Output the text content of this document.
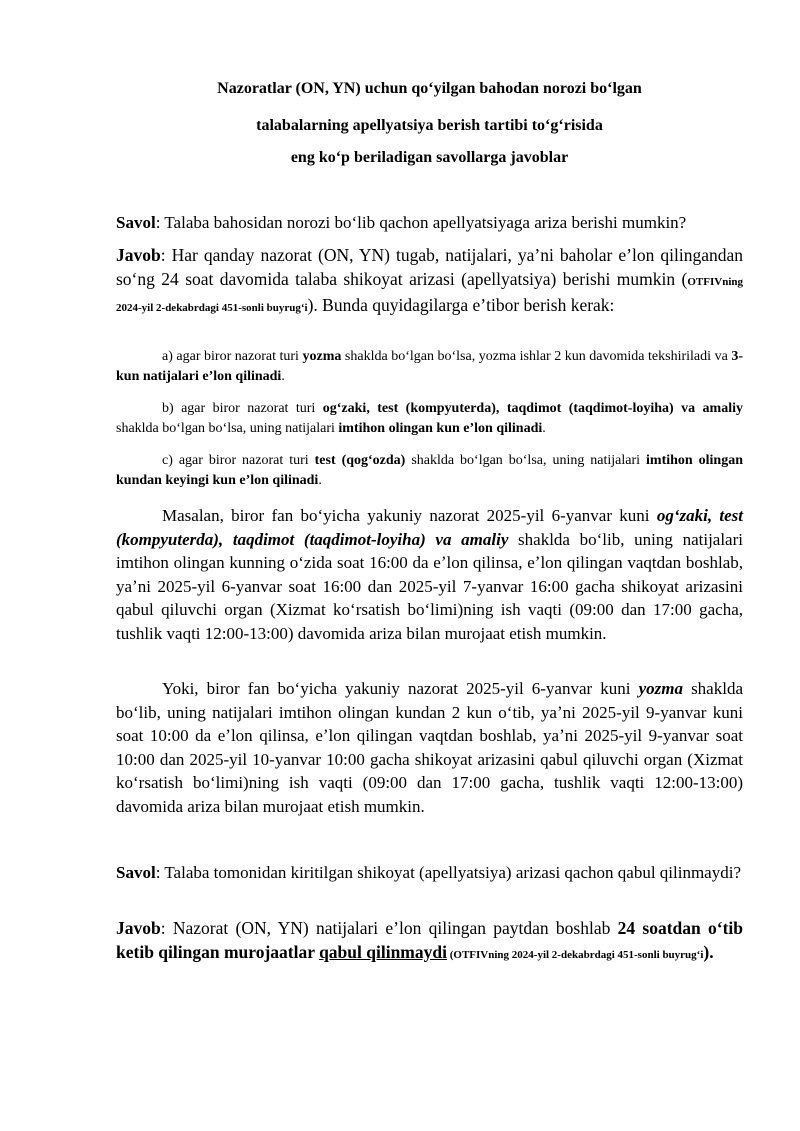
Nazoratlar (ON, YN) uchun qoʻyilgan bahodan norozi boʻlgan
talabalarning apellyatsiya berish tartibi toʻgʻrisida
eng koʻp beriladigan savollarga javoblar
Savol: Talaba bahosidan norozi boʻlib qachon apellyatsiyaga ariza berishi mumkin?
Javob: Har qanday nazorat (ON, YN) tugab, natijalari, yaʼni baholar eʼlon qilingandan soʻng 24 soat davomida talaba shikoyat arizasi (apellyatsiya) berishi mumkin (OTFIVning 2024-yil 2-dekabrdagi 451-sonli buyrugʻi). Bunda quyidagilarga eʼtibor berish kerak:
a) agar biror nazorat turi yozma shaklda boʻlgan boʻlsa, yozma ishlar 2 kun davomida tekshiriladi va 3-kun natijalari eʼlon qilinadi.
b) agar biror nazorat turi ogʻzaki, test (kompyuterda), taqdimot (taqdimot-loyiha) va amaliy shaklda boʻlgan boʻlsa, uning natijalari imtihon olingan kun eʼlon qilinadi.
c) agar biror nazorat turi test (qogʻozda) shaklda boʻlgan boʻlsa, uning natijalari imtihon olingan kundan keyingi kun eʼlon qilinadi.
Masalan, biror fan boʻyicha yakuniy nazorat 2025-yil 6-yanvar kuni ogʻzaki, test (kompyuterda), taqdimot (taqdimot-loyiha) va amaliy shaklda boʻlib, uning natijalari imtihon olingan kunning oʻzida soat 16:00 da eʼlon qilinsa, eʼlon qilingan vaqtdan boshlab, yaʼni 2025-yil 6-yanvar soat 16:00 dan 2025-yil 7-yanvar 16:00 gacha shikoyat arizasini qabul qiluvchi organ (Xizmat koʻrsatish boʻlimi)ning ish vaqti (09:00 dan 17:00 gacha, tushlik vaqti 12:00-13:00) davomida ariza bilan murojaat etish mumkin.
Yoki, biror fan boʻyicha yakuniy nazorat 2025-yil 6-yanvar kuni yozma shaklda boʻlib, uning natijalari imtihon olingan kundan 2 kun oʻtib, yaʼni 2025-yil 9-yanvar kuni soat 10:00 da eʼlon qilinsa, eʼlon qilingan vaqtdan boshlab, yaʼni 2025-yil 9-yanvar soat 10:00 dan 2025-yil 10-yanvar 10:00 gacha shikoyat arizasini qabul qiluvchi organ (Xizmat koʻrsatish boʻlimi)ning ish vaqti (09:00 dan 17:00 gacha, tushlik vaqti 12:00-13:00) davomida ariza bilan murojaat etish mumkin.
Savol: Talaba tomonidan kiritilgan shikoyat (apellyatsiya) arizasi qachon qabul qilinmaydi?
Javob: Nazorat (ON, YN) natijalari eʼlon qilingan paytdan boshlab 24 soatdan oʻtib ketib qilingan murojaatlar qabul qilinmaydi (OTFIVning 2024-yil 2-dekabrdagi 451-sonli buyrugʻi).
